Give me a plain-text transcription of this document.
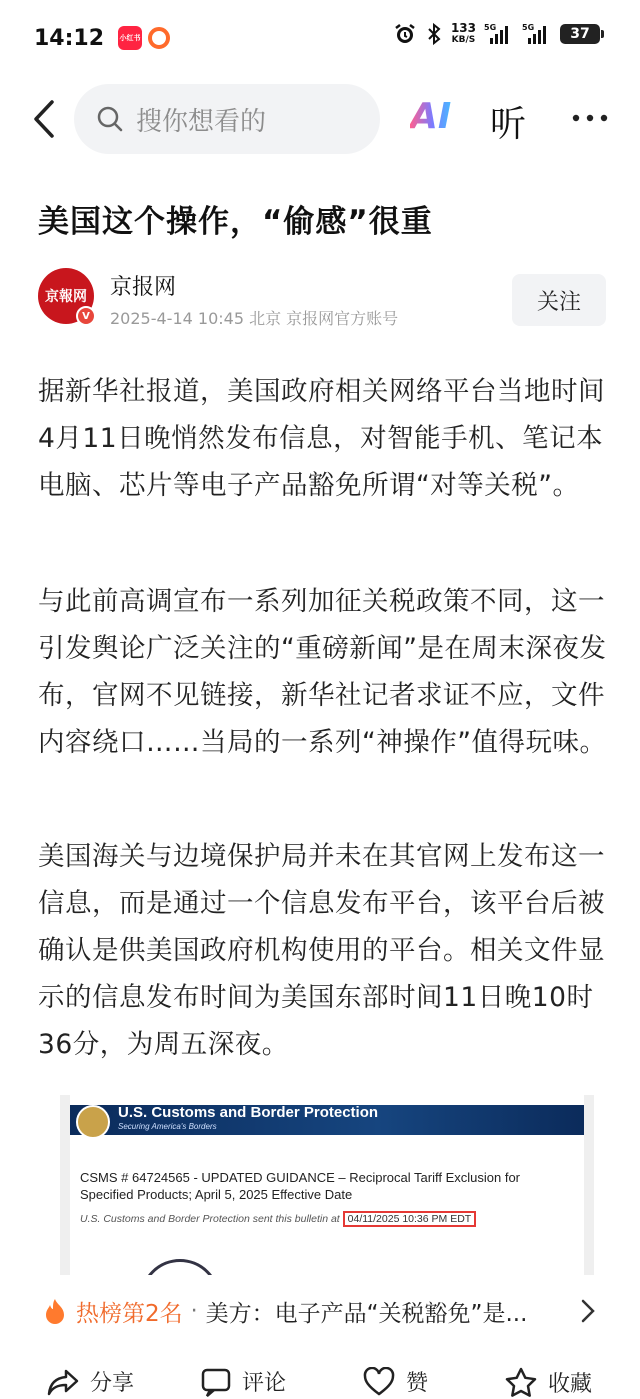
14:12 小红书
133
KB/S
5G	5G	37
搜你想看的	AI 听
美国这个操作，“偷感”很重
京報网
V
京报网
2025-4-14 10:45 北京 京报网官方账号
关注

据新华社报道，美国政府相关网络平台当地时间4月11日晚悄然发布信息，对智能手机、笔记本电脑、芯片等电子产品豁免所谓“对等关税”。

与此前高调宣布一系列加征关税政策不同，这一引发舆论广泛关注的“重磅新闻”是在周末深夜发布，官网不见链接，新华社记者求证不应，文件内容绕口……当局的一系列“神操作”值得玩味。

美国海关与边境保护局并未在其官网上发布这一信息，而是通过一个信息发布平台，该平台后被确认是供美国政府机构使用的平台。相关文件显示的信息发布时间为美国东部时间11日晚10时36分，为周五深夜。

U.S. Customs and Border Protection
Securing America's Borders
CSMS # 64724565 - UPDATED GUIDANCE – Reciprocal Tariff Exclusion for Specified Products; April 5, 2025 Effective Date
U.S. Customs and Border Protection sent this bulletin at 04/11/2025 10:36 PM EDT
热榜第2名 · 美方：电子产品“关税豁免”是...
分享	评论	赞	收藏
